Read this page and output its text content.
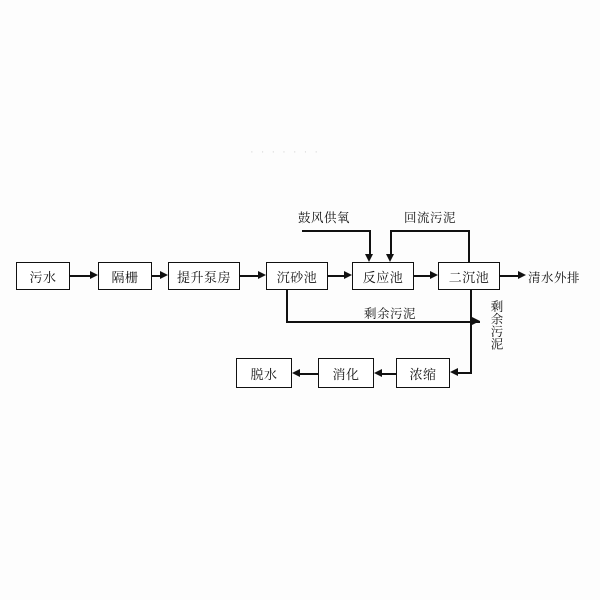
· · · · · · ·
污水	隔栅	提升泵房	沉砂池	反应池	二沉池
脱水	消化	浓缩
清水外排
鼓风供氧	回流污泥
剩余污泥	剩余污泥
